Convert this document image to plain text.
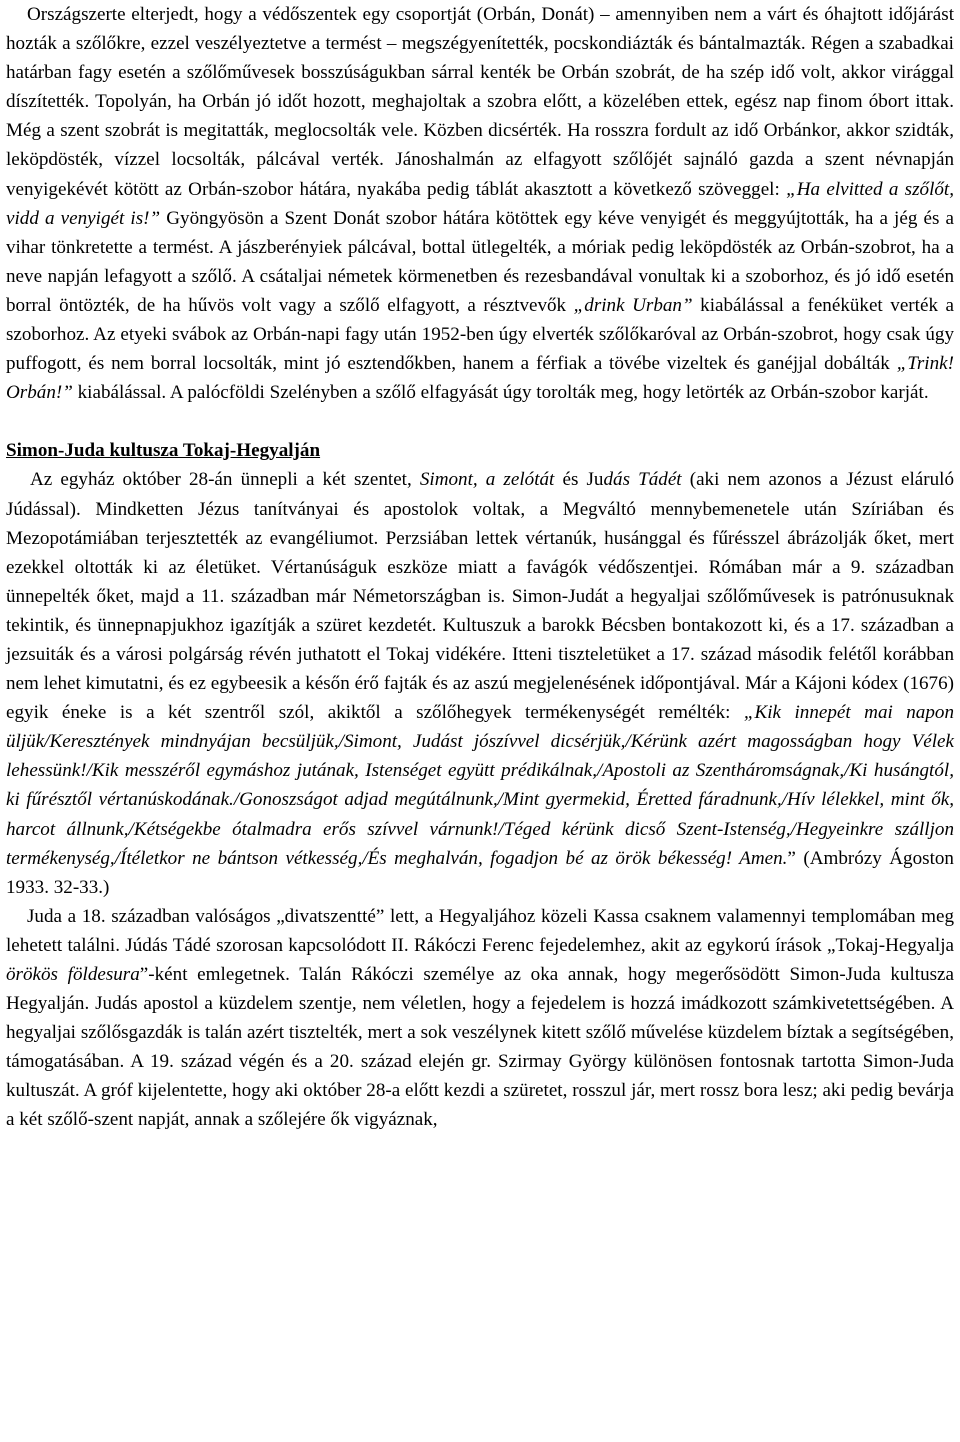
Országszerte elterjedt, hogy a védőszentek egy csoportját (Orbán, Donát) – amennyiben nem a várt és óhajtott időjárást hozták a szőlőkre, ezzel veszélyeztetve a termést – megszégyenítették, pocskondiázták és bántalmazták. Régen a szabadkai határban fagy esetén a szőlőművesek bosszúságukban sárral kenték be Orbán szobrát, de ha szép idő volt, akkor virággal díszítették. Topolyán, ha Orbán jó időt hozott, meghajoltak a szobra előtt, a közelében ettek, egész nap finom óbort ittak. Még a szent szobrát is megitatták, meglocsolták vele. Közben dicsérték. Ha rosszra fordult az idő Orbánkor, akkor szidták, leköpdösték, vízzel locsolták, pálcával verték. Jánoshalmán az elfagyott szőlőjét sajnáló gazda a szent névnapján venyigekévét kötött az Orbán-szobor hátára, nyakába pedig táblát akasztott a következő szöveggel: „Ha elvitted a szőlőt, vidd a venyigét is!” Gyöngyösön a Szent Donát szobor hátára kötöttek egy kéve venyigét és meggyújtották, ha a jég és a vihar tönkretette a termést. A jászberényiek pálcával, bottal ütlegelték, a móriak pedig leköpdösték az Orbán-szobrot, ha a neve napján lefagyott a szőlő. A csátaljai németek körmenetben és rezesbandával vonultak ki a szoborhoz, és jó idő esetén borral öntözték, de ha hűvös volt vagy a szőlő elfagyott, a résztvevők „drink Urban” kiabálással a fenéküket verték a szoborhoz. Az etyeki svábok az Orbán-napi fagy után 1952-ben úgy elverték szőlőkaróval az Orbán-szobrot, hogy csak úgy puffogott, és nem borral locsolták, mint jó esztendőkben, hanem a férfiak a tövébe vizeltek és ganéjjal dobálták „Trink! Orbán!” kiabálással. A palócföldi Szelényben a szőlő elfagyását úgy torolták meg, hogy letörték az Orbán-szobor karját.

Simon-Juda kultusza Tokaj-Hegyalján

Az egyház október 28-án ünnepli a két szentet, Simont, a zelótát és Judás Tádét (aki nem azonos a Jézust eláruló Júdással). Mindketten Jézus tanítványai és apostolok voltak, a Megváltó mennybemenetele után Szíriában és Mezopotámiában terjesztették az evangéliumot. Perzsiában lettek vértanúk, husánggal és fűrésszel ábrázolják őket, mert ezekkel oltották ki az életüket. Vértanúságuk eszköze miatt a favágók védőszentjei. Rómában már a 9. században ünnepelték őket, majd a 11. században már Németországban is. Simon-Judát a hegyaljai szőlőművesek is patrónusuknak tekintik, és ünnepnapjukhoz igazítják a szüret kezdetét. Kultuszuk a barokk Bécsben bontakozott ki, és a 17. században a jezsuiták és a városi polgárság révén juthatott el Tokaj vidékére. Itteni tiszteletüket a 17. század második felétől korábban nem lehet kimutatni, és ez egybeesik a későn érő fajták és az aszú megjelenésének időpontjával. Már a Kájoni kódex (1676) egyik éneke is a két szentről szól, akiktől a szőlőhegyek termékenységét remélték: „Kik innepét mai napon üljük/Keresztények mindnyájan becsüljük,/Simont, Judást jószívvel dicsérjük,/Kérünk azért magosságban hogy Vélek lehessünk!/Kik messzéről egymáshoz jutának, Istenséget együtt prédikálnak,/Apostoli az Szentháromságnak,/Ki husángtól, ki fűrésztől vértanúskodának./Gonoszságot adjad megútálnunk,/Mint gyermekid, Éretted fáradnunk,/Hív lélekkel, mint ők, harcot állnunk,/Kétségekbe ótalmadra erős szívvel várnunk!/Téged kérünk dicső Szent-Istenség,/Hegyeinkre szálljon termékenység,/Ítéletkor ne bántson vétkesség,/És meghalván, fogadjon bé az örök békesség! Amen.” (Ambrózy Ágoston 1933. 32-33.)

Juda a 18. században valóságos „divatszentté” lett, a Hegyaljához közeli Kassa csaknem valamennyi templomában meg lehetett találni. Júdás Tádé szorosan kapcsolódott II. Rákóczi Ferenc fejedelemhez, akit az egykorú írások „Tokaj-Hegyalja örökös földesura”-ként emlegetnek. Talán Rákóczi személye az oka annak, hogy megerősödött Simon-Juda kultusza Hegyalján. Judás apostol a küzdelem szentje, nem véletlen, hogy a fejedelem is hozzá imádkozott számkivetettségében. A hegyaljai szőlősgazdák is talán azért tisztelték, mert a sok veszélynek kitett szőlő művelése küzdelem bíztak a segítségében, támogatásában. A 19. század végén és a 20. század elején gr. Szirmay György különösen fontosnak tartotta Simon-Juda kultuszát. A gróf kijelentette, hogy aki október 28-a előtt kezdi a szüretet, rosszul jár, mert rossz bora lesz; aki pedig bevárja a két szőlő-szent napját, annak a szőlejére ők vigyáznak,
